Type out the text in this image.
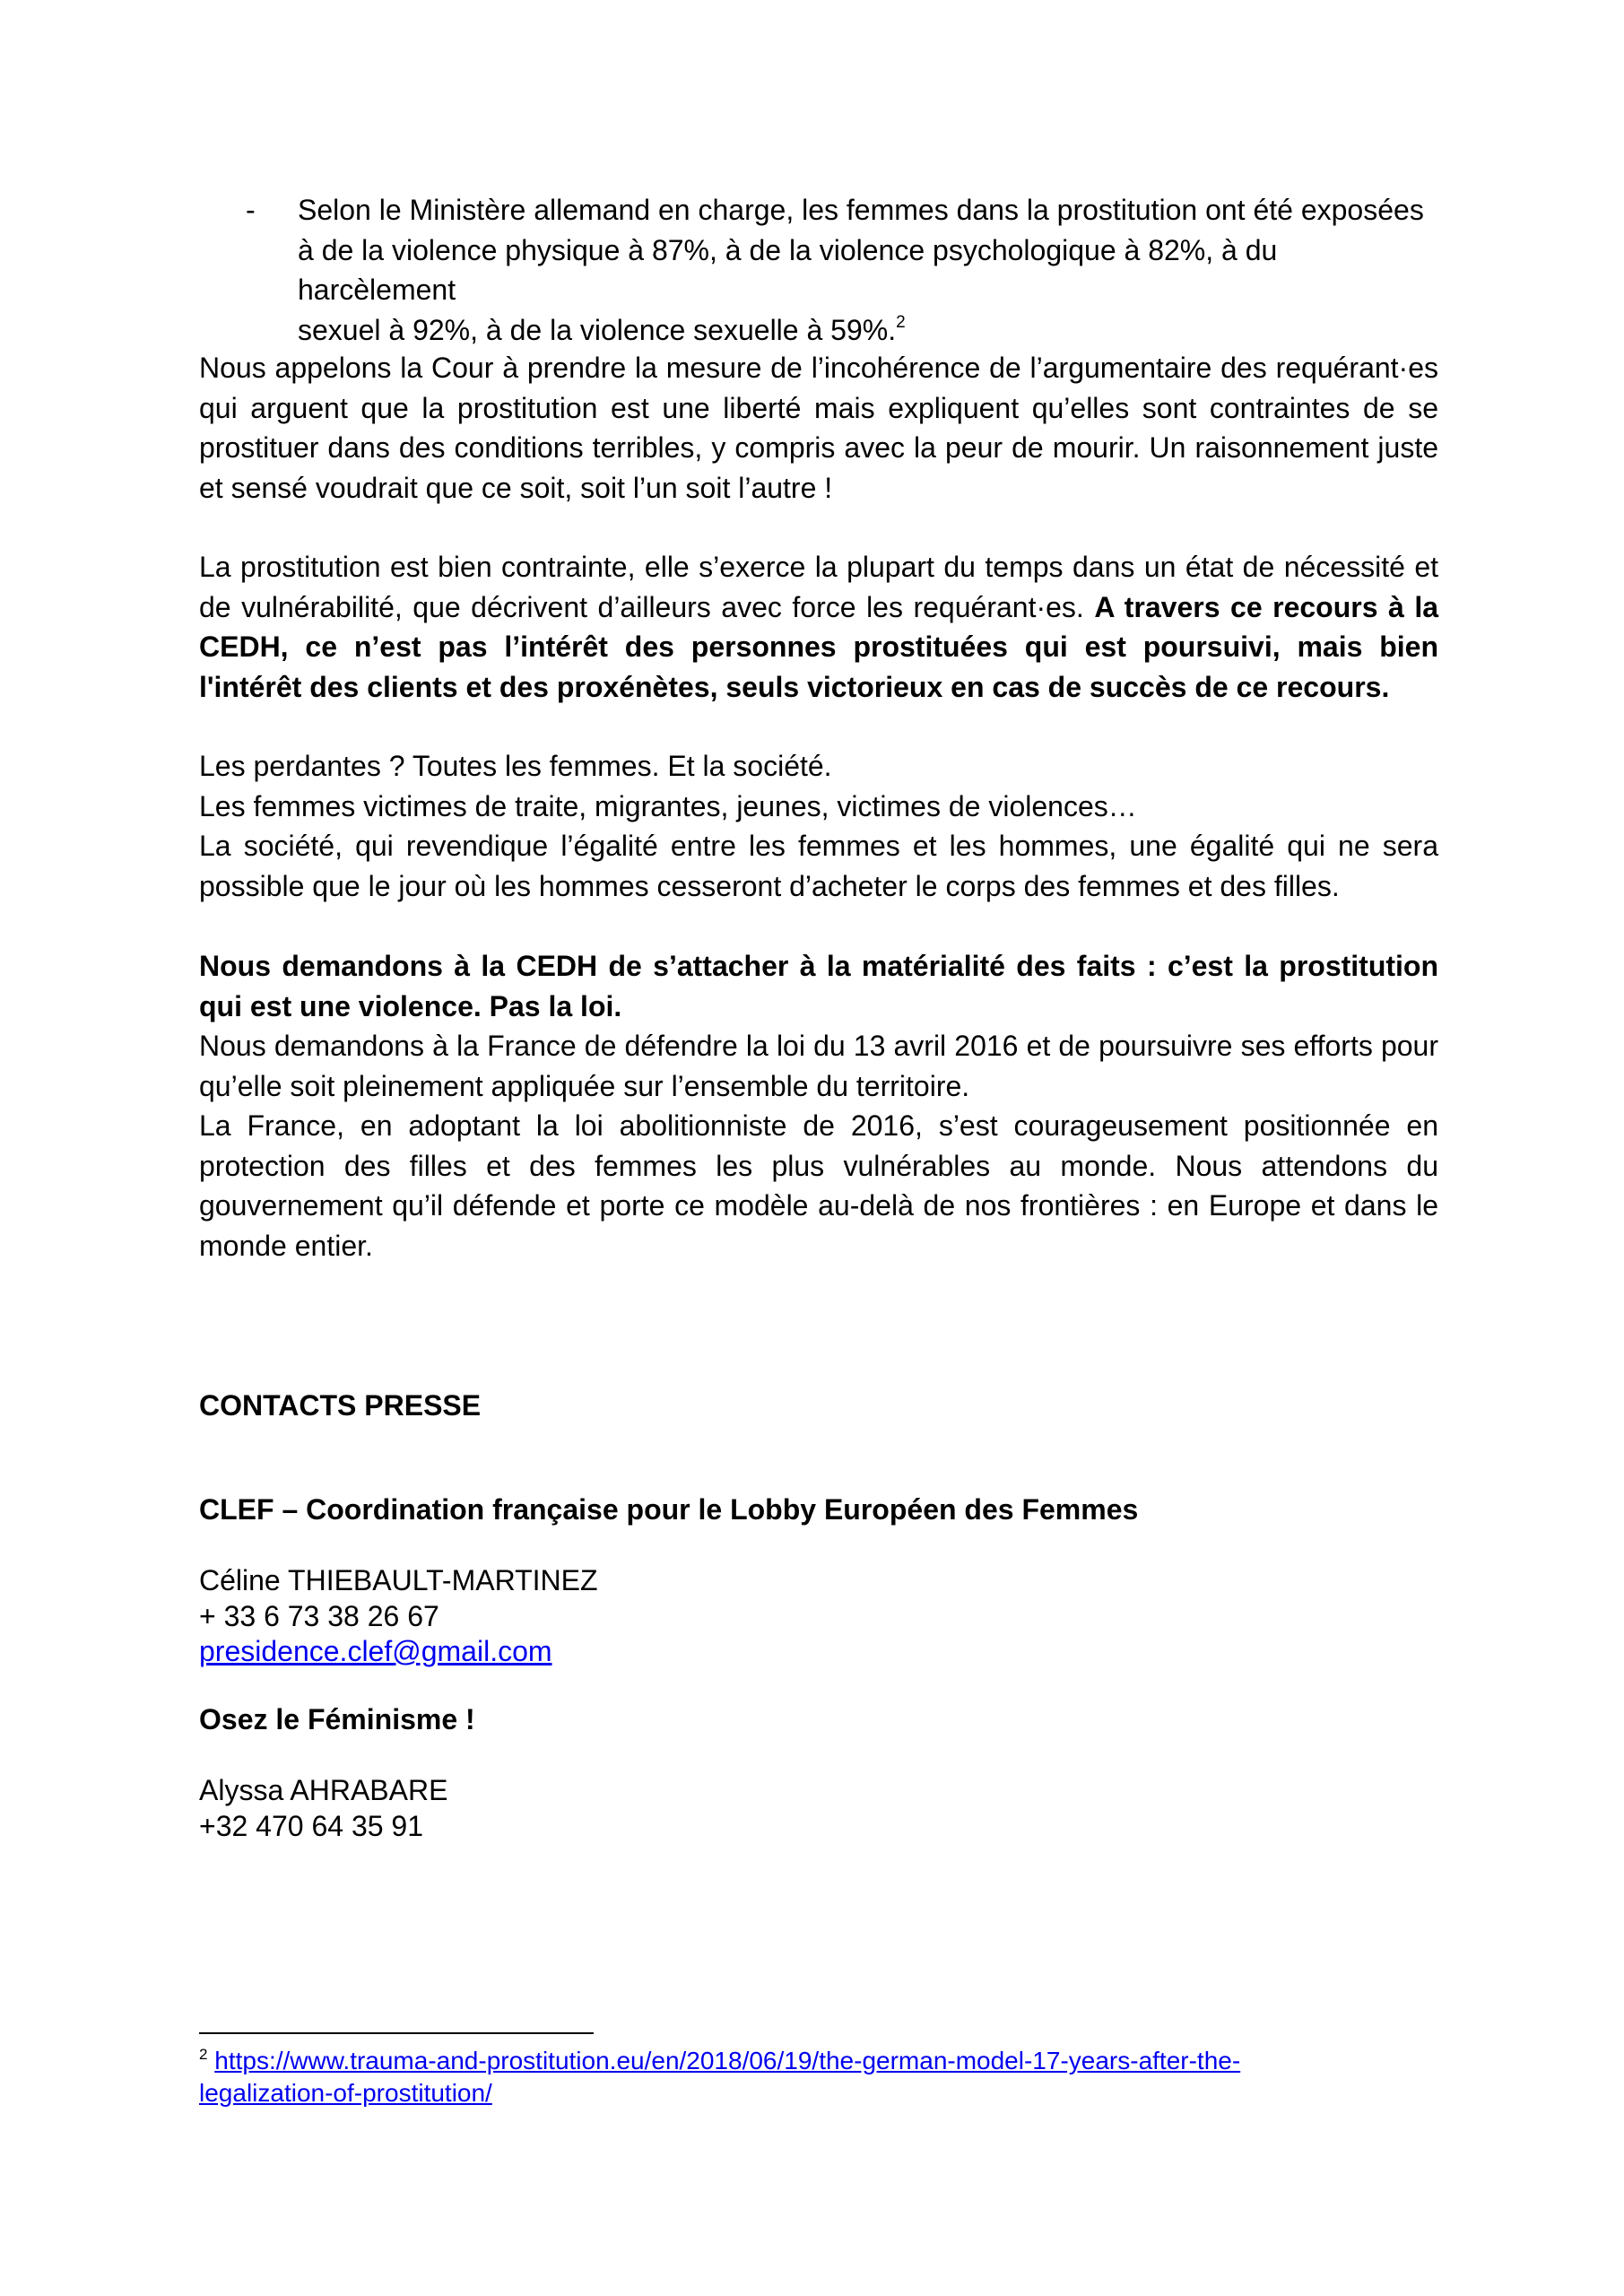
- Selon le Ministère allemand en charge, les femmes dans la prostitution ont été exposées
à de la violence physique à 87%, à de la violence psychologique à 82%, à du harcèlement
sexuel à 92%, à de la violence sexuelle à 59%.$^2$

Nous appelons la Cour à prendre la mesure de l’incohérence de l’argumentaire des requérant·es qui arguent que la prostitution est une liberté mais expliquent qu’elles sont contraintes de se prostituer dans des conditions terribles, y compris avec la peur de mourir. Un raisonnement juste et sensé voudrait que ce soit, soit l’un soit l’autre !

La prostitution est bien contrainte, elle s’exerce la plupart du temps dans un état de nécessité et de vulnérabilité, que décrivent d’ailleurs avec force les requérant·es. A travers ce recours à la CEDH, ce n’est pas l’intérêt des personnes prostituées qui est poursuivi, mais bien l'intérêt des clients et des proxénètes, seuls victorieux en cas de succès de ce recours.

Les perdantes ? Toutes les femmes. Et la société.
Les femmes victimes de traite, migrantes, jeunes, victimes de violences…
La société, qui revendique l’égalité entre les femmes et les hommes, une égalité qui ne sera possible que le jour où les hommes cesseront d’acheter le corps des femmes et des filles.
Nous demandons à la CEDH de s’attacher à la matérialité des faits : c’est la prostitution qui est une violence. Pas la loi.
Nous demandons à la France de défendre la loi du 13 avril 2016 et de poursuivre ses efforts pour qu’elle soit pleinement appliquée sur l’ensemble du territoire.
La France, en adoptant la loi abolitionniste de 2016, s’est courageusement positionnée en protection des filles et des femmes les plus vulnérables au monde. Nous attendons du gouvernement qu’il défende et porte ce modèle au-delà de nos frontières : en Europe et dans le monde entier.
CONTACTS PRESSE
CLEF – Coordination française pour le Lobby Européen des Femmes
Céline THIEBAULT-MARTINEZ
+ 33 6 73 38 26 67
presidence.clef@gmail.com
Osez le Féminisme !
Alyssa AHRABARE
+32 470 64 35 91
$^2$ https://www.trauma-and-prostitution.eu/en/2018/06/19/the-german-model-17-years-after-the-
legalization-of-prostitution/
